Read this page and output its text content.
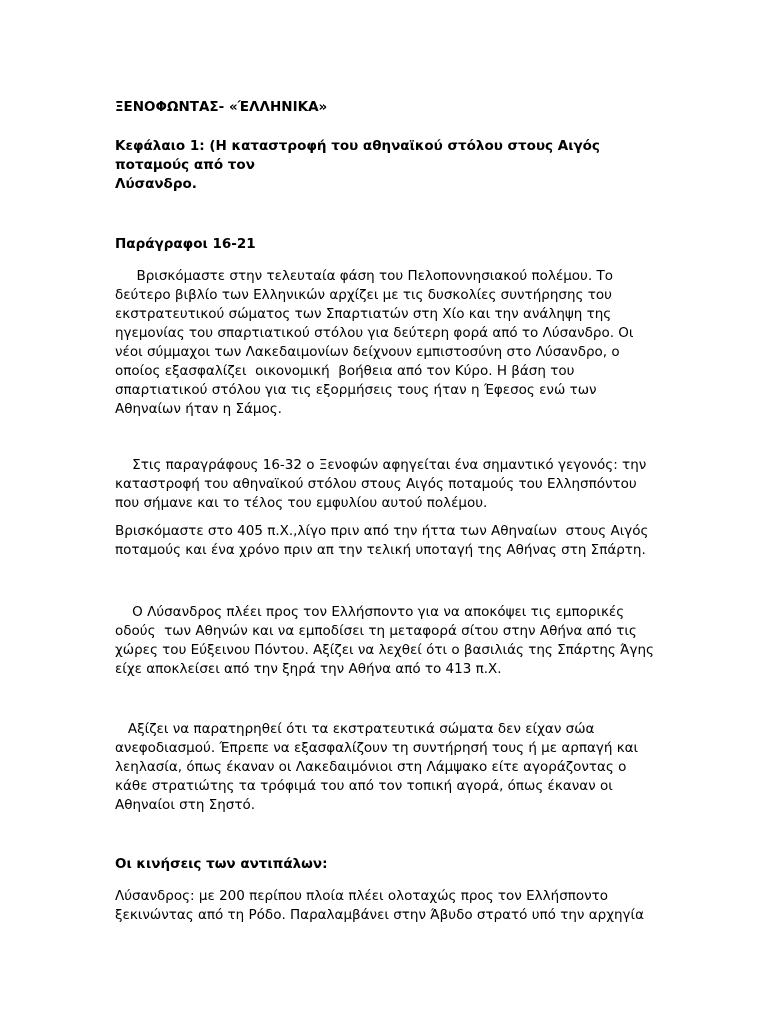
ΞΕΝΟΦΩΝΤΑΣ- «ΈΛΛΗΝΙΚΑ»
Κεφάλαιο 1: (Η καταστροφή του αθηναϊκού στόλου στους Αιγός
ποταμούς από τον
Λύσανδρο.
Παράγραφοι 16-21
Βρισκόμαστε στην τελευταία φάση του Πελοποννησιακού πολέμου. Το
δεύτερο βιβλίο των Ελληνικών αρχίζει με τις δυσκολίες συντήρησης του
εκστρατευτικού σώματος των Σπαρτιατών στη Χίο και την ανάληψη της
ηγεμονίας του σπαρτιατικού στόλου για δεύτερη φορά από το Λύσανδρο. Οι
νέοι σύμμαχοι των Λακεδαιμονίων δείχνουν εμπιστοσύνη στο Λύσανδρο, ο
οποίος εξασφαλίζει  οικονομική  βοήθεια από τον Κύρο. Η βάση του
σπαρτιατικού στόλου για τις εξορμήσεις τους ήταν η Έφεσος ενώ των
Αθηναίων ήταν η Σάμος.
Στις παραγράφους 16-32 ο Ξενοφών αφηγείται ένα σημαντικό γεγονός: την
καταστροφή του αθηναϊκού στόλου στους Αιγός ποταμούς του Ελλησπόντου
που σήμανε και το τέλος του εμφυλίου αυτού πολέμου.
Βρισκόμαστε στο 405 π.Χ.,λίγο πριν από την ήττα των Αθηναίων  στους Αιγός
ποταμούς και ένα χρόνο πριν απ την τελική υποταγή της Αθήνας στη Σπάρτη.
Ο Λύσανδρος πλέει προς τον Ελλήσποντο για να αποκόψει τις εμπορικές
οδούς  των Αθηνών και να εμποδίσει τη μεταφορά σίτου στην Αθήνα από τις
χώρες του Εύξεινου Πόντου. Αξίζει να λεχθεί ότι ο βασιλιάς της Σπάρτης Άγης
είχε αποκλείσει από την ξηρά την Αθήνα από το 413 π.Χ.
Αξίζει να παρατηρηθεί ότι τα εκστρατευτικά σώματα δεν είχαν σώα
ανεφοδιασμού. Έπρεπε να εξασφαλίζουν τη συντήρησή τους ή με αρπαγή και
λεηλασία, όπως έκαναν οι Λακεδαιμόνιοι στη Λάμψακο είτε αγοράζοντας ο
κάθε στρατιώτης τα τρόφιμά του από τον τοπική αγορά, όπως έκαναν οι
Αθηναίοι στη Σηστό.
Οι κινήσεις των αντιπάλων:
Λύσανδρος: με 200 περίπου πλοία πλέει ολοταχώς προς τον Ελλήσποντο
ξεκινώντας από τη Ρόδο. Παραλαμβάνει στην Άβυδο στρατό υπό την αρχηγία
